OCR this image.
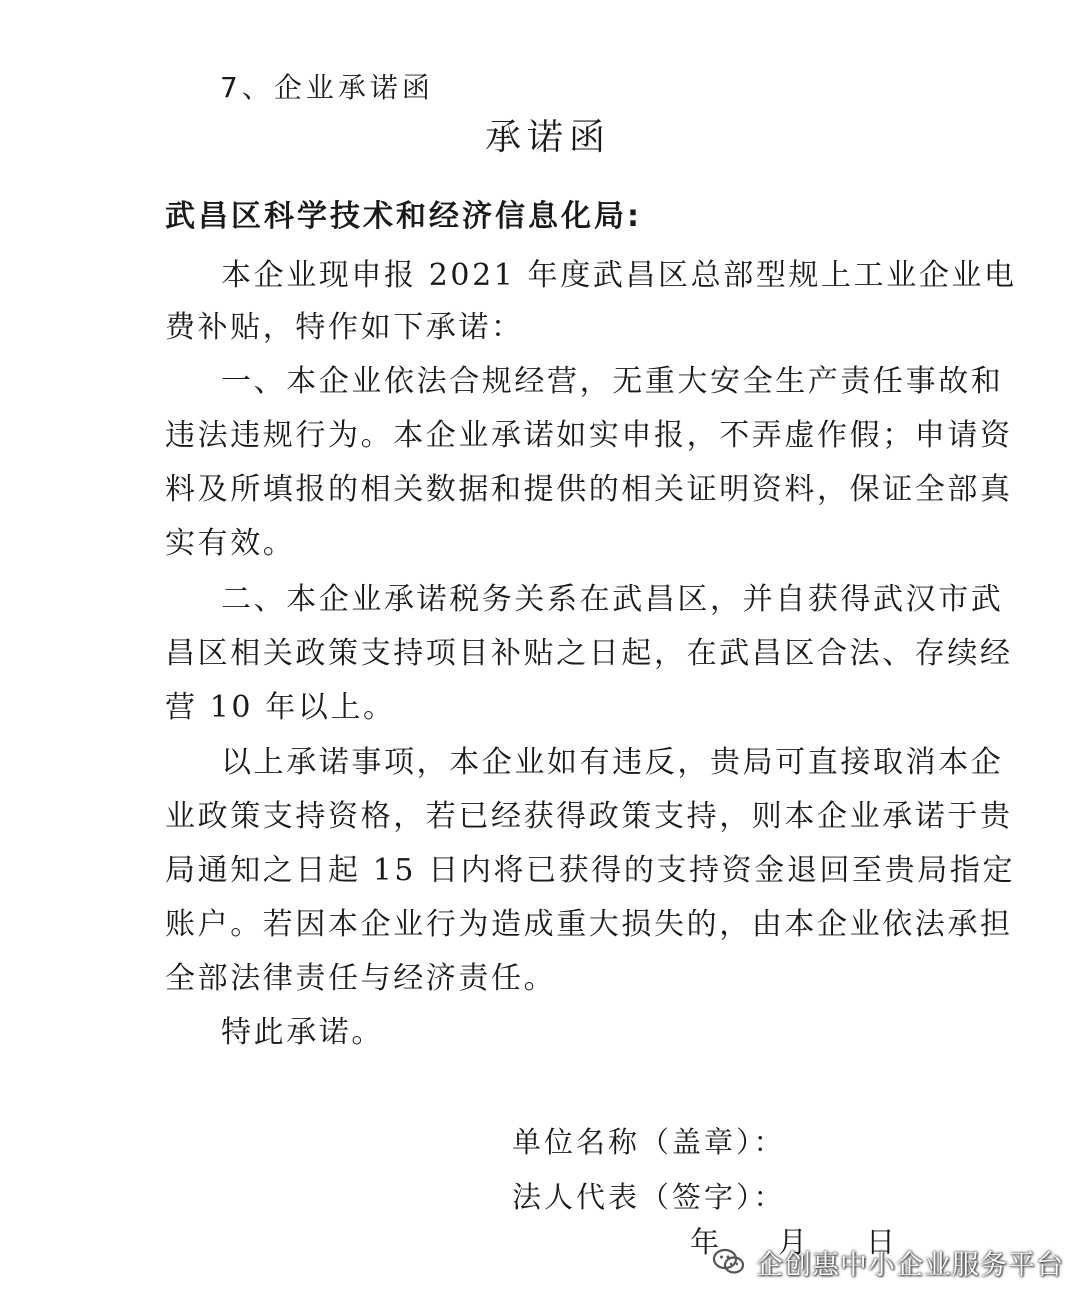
7、企业承诺函
承诺函
武昌区科学技术和经济信息化局:
本企业现申报 2021 年度武昌区总部型规上工业企业电
费补贴，特作如下承诺：
一、本企业依法合规经营，无重大安全生产责任事故和
违法违规行为。本企业承诺如实申报，不弄虚作假；申请资
料及所填报的相关数据和提供的相关证明资料，保证全部真
实有效。
二、本企业承诺税务关系在武昌区，并自获得武汉市武
昌区相关政策支持项目补贴之日起，在武昌区合法、存续经
营 10 年以上。
以上承诺事项，本企业如有违反，贵局可直接取消本企
业政策支持资格，若已经获得政策支持，则本企业承诺于贵
局通知之日起 15 日内将已获得的支持资金退回至贵局指定
账户。若因本企业行为造成重大损失的，由本企业依法承担
全部法律责任与经济责任。
特此承诺。
单位名称（盖章）：
法人代表（签字）：
年 月 日
企创惠中小企业服务平台
